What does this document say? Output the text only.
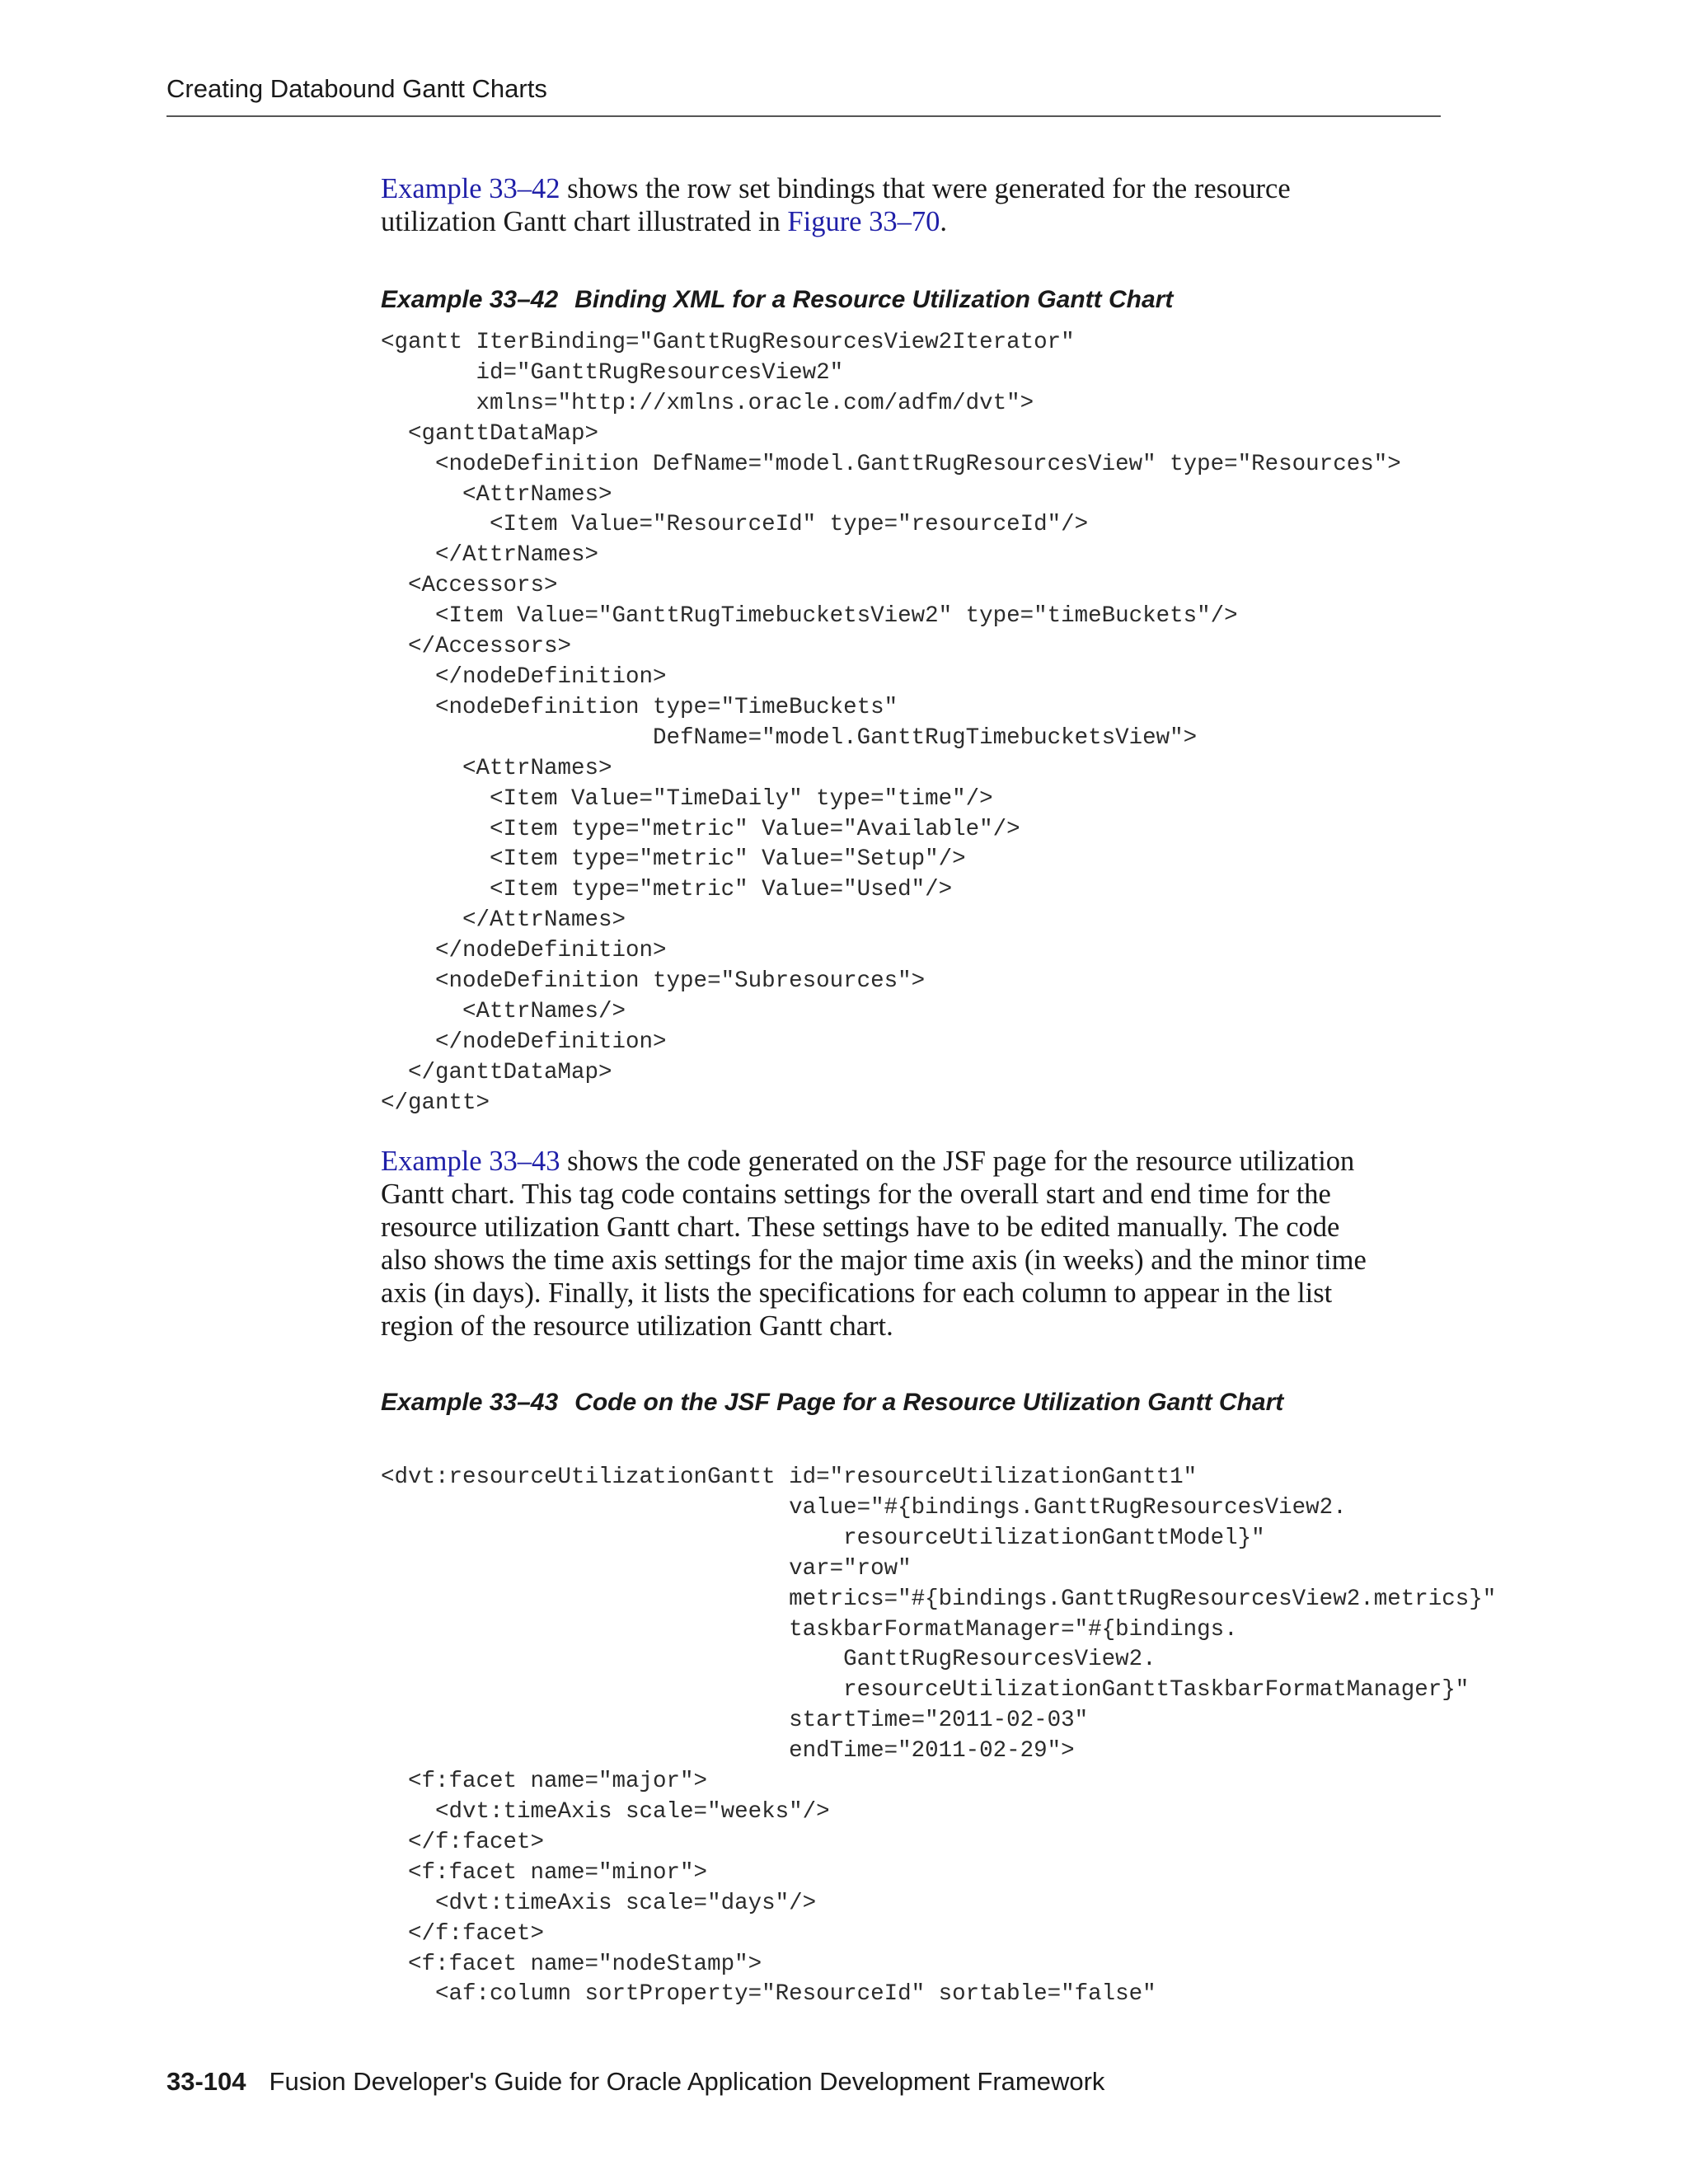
Creating Databound Gantt Charts

Example 33–42 shows the row set bindings that were generated for the resource
utilization Gantt chart illustrated in Figure 33–70.

Example 33–42 Binding XML for a Resource Utilization Gantt Chart
<gantt IterBinding="GanttRugResourcesView2Iterator"
id="GanttRugResourcesView2"
xmlns="http://xmlns.oracle.com/adfm/dvt">
<ganttDataMap>
<nodeDefinition DefName="model.GanttRugResourcesView" type="Resources">
<AttrNames>
<Item Value="ResourceId" type="resourceId"/>
</AttrNames>
<Accessors>
<Item Value="GanttRugTimebucketsView2" type="timeBuckets"/>
</Accessors>
</nodeDefinition>
<nodeDefinition type="TimeBuckets"
DefName="model.GanttRugTimebucketsView">
<AttrNames>
<Item Value="TimeDaily" type="time"/>
<Item type="metric" Value="Available"/>
<Item type="metric" Value="Setup"/>
<Item type="metric" Value="Used"/>
</AttrNames>
</nodeDefinition>
<nodeDefinition type="Subresources">
<AttrNames/>
</nodeDefinition>
</ganttDataMap>
</gantt>

Example 33–43 shows the code generated on the JSF page for the resource utilization
Gantt chart. This tag code contains settings for the overall start and end time for the
resource utilization Gantt chart. These settings have to be edited manually. The code
also shows the time axis settings for the major time axis (in weeks) and the minor time
axis (in days). Finally, it lists the specifications for each column to appear in the list
region of the resource utilization Gantt chart.

Example 33–43 Code on the JSF Page for a Resource Utilization Gantt Chart
<dvt:resourceUtilizationGantt id="resourceUtilizationGantt1"
value="#{bindings.GanttRugResourcesView2.
resourceUtilizationGanttModel}"
var="row"
metrics="#{bindings.GanttRugResourcesView2.metrics}"
taskbarFormatManager="#{bindings.
GanttRugResourcesView2.
resourceUtilizationGanttTaskbarFormatManager}"
startTime="2011-02-03"
endTime="2011-02-29">
<f:facet name="major">
<dvt:timeAxis scale="weeks"/>
</f:facet>
<f:facet name="minor">
<dvt:timeAxis scale="days"/>
</f:facet>
<f:facet name="nodeStamp">
<af:column sortProperty="ResourceId" sortable="false"
33-104 Fusion Developer's Guide for Oracle Application Development Framework
